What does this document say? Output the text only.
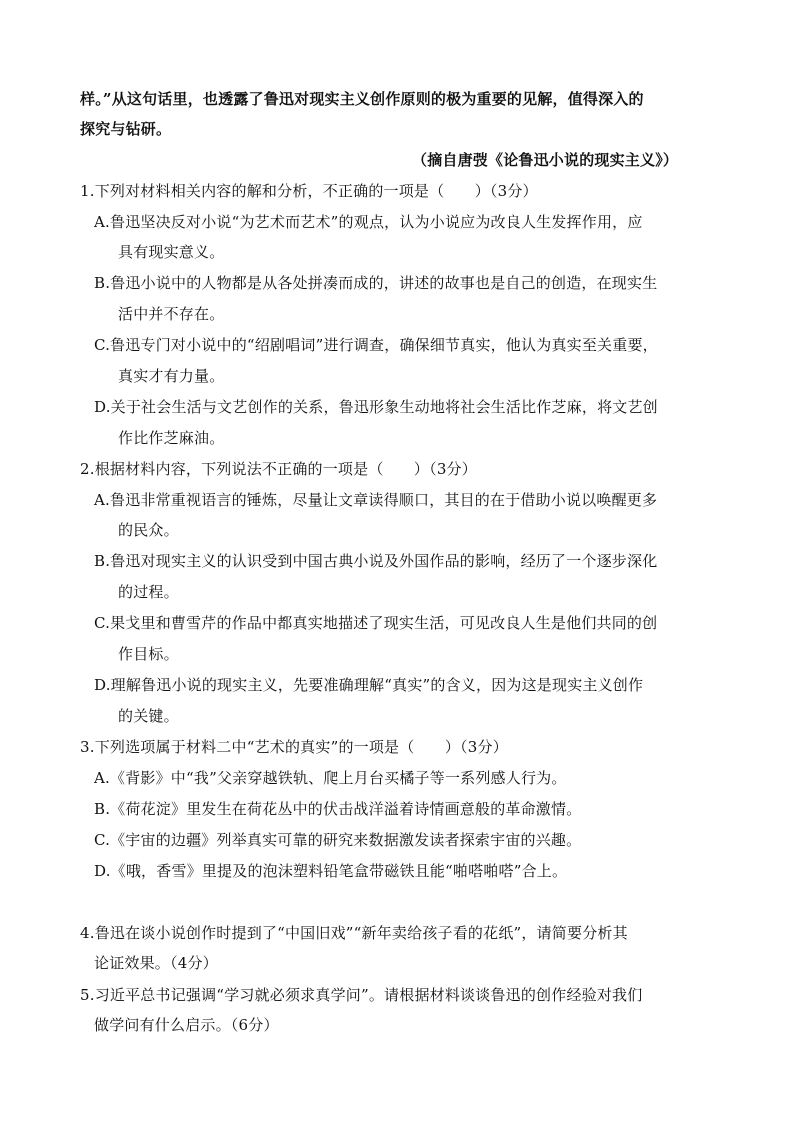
样。”从这句话里，也透露了鲁迅对现实主义创作原则的极为重要的见解，值得深入的
探究与钻研。
（摘自唐弢《论鲁迅小说的现实主义》）
1.下列对材料相关内容的解和分析，不正确的一项是（　　）（3分）
A.鲁迅坚决反对小说“为艺术而艺术”的观点，认为小说应为改良人生发挥作用，应
具有现实意义。
B.鲁迅小说中的人物都是从各处拼凑而成的，讲述的故事也是自己的创造，在现实生
活中并不存在。
C.鲁迅专门对小说中的“绍剧唱词”进行调查，确保细节真实，他认为真实至关重要，
真实才有力量。
D.关于社会生活与文艺创作的关系，鲁迅形象生动地将社会生活比作芝麻，将文艺创
作比作芝麻油。
2.根据材料内容，下列说法不正确的一项是（　　）（3分）
A.鲁迅非常重视语言的锤炼，尽量让文章读得顺口，其目的在于借助小说以唤醒更多
的民众。
B.鲁迅对现实主义的认识受到中国古典小说及外国作品的影响，经历了一个逐步深化
的过程。
C.果戈里和曹雪芹的作品中都真实地描述了现实生活，可见改良人生是他们共同的创
作目标。
D.理解鲁迅小说的现实主义，先要准确理解“真实”的含义，因为这是现实主义创作
的关键。
3.下列选项属于材料二中“艺术的真实”的一项是（　　）（3分）
A.《背影》中“我”父亲穿越铁轨、爬上月台买橘子等一系列感人行为。
B.《荷花淀》里发生在荷花丛中的伏击战洋溢着诗情画意般的革命激情。
C.《宇宙的边疆》列举真实可靠的研究来数据激发读者探索宇宙的兴趣。
D.《哦，香雪》里提及的泡沫塑料铅笔盒带磁铁且能“啪嗒啪嗒”合上。
4.鲁迅在谈小说创作时提到了“中国旧戏”“新年卖给孩子看的花纸”，请简要分析其
论证效果。（4分）
5.习近平总书记强调“学习就必须求真学问”。请根据材料谈谈鲁迅的创作经验对我们
做学问有什么启示。（6分）
